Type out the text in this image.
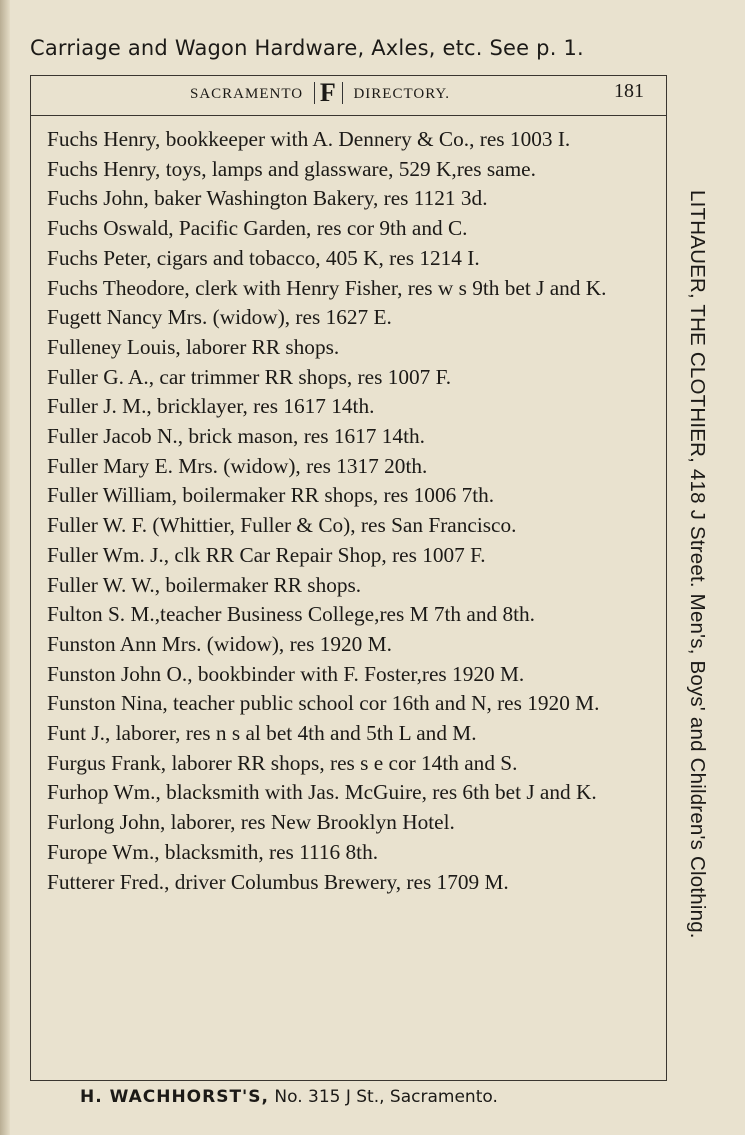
Carriage and Wagon Hardware, Axles, etc. See p. 1.
SACRAMENTO F DIRECTORY.	181
Fuchs Henry, bookkeeper with A. Dennery & Co., res 1003 I.
Fuchs Henry, toys, lamps and glassware, 529 K,res same.
Fuchs John, baker Washington Bakery, res 1121 3d.
Fuchs Oswald, Pacific Garden, res cor 9th and C.
Fuchs Peter, cigars and tobacco, 405 K, res 1214 I.
Fuchs Theodore, clerk with Henry Fisher, res w s 9th bet J and K.
Fugett Nancy Mrs. (widow), res 1627 E.
Fulleney Louis, laborer RR shops.
Fuller G. A., car trimmer RR shops, res 1007 F.
Fuller J. M., bricklayer, res 1617 14th.
Fuller Jacob N., brick mason, res 1617 14th.
Fuller Mary E. Mrs. (widow), res 1317 20th.
Fuller William, boilermaker RR shops, res 1006 7th.
Fuller W. F. (Whittier, Fuller & Co), res San Francisco.
Fuller Wm. J., clk RR Car Repair Shop, res 1007 F.
Fuller W. W., boilermaker RR shops.
Fulton S. M.,teacher Business College,res M 7th and 8th.
Funston Ann Mrs. (widow), res 1920 M.
Funston John O., bookbinder with F. Foster,res 1920 M.
Funston Nina, teacher public school cor 16th and N, res 1920 M.
Funt J., laborer, res n s al bet 4th and 5th L and M.
Furgus Frank, laborer RR shops, res s e cor 14th and S.
Furhop Wm., blacksmith with Jas. McGuire, res 6th bet J and K.
Furlong John, laborer, res New Brooklyn Hotel.
Furope Wm., blacksmith, res 1116 8th.
Futterer Fred., driver Columbus Brewery, res 1709 M.	LITHAUER, THE CLOTHIER, 418 J Street. Men's, Boys' and Children's Clothing.
H. WACHHORST'S, No. 315 J St., Sacramento.
